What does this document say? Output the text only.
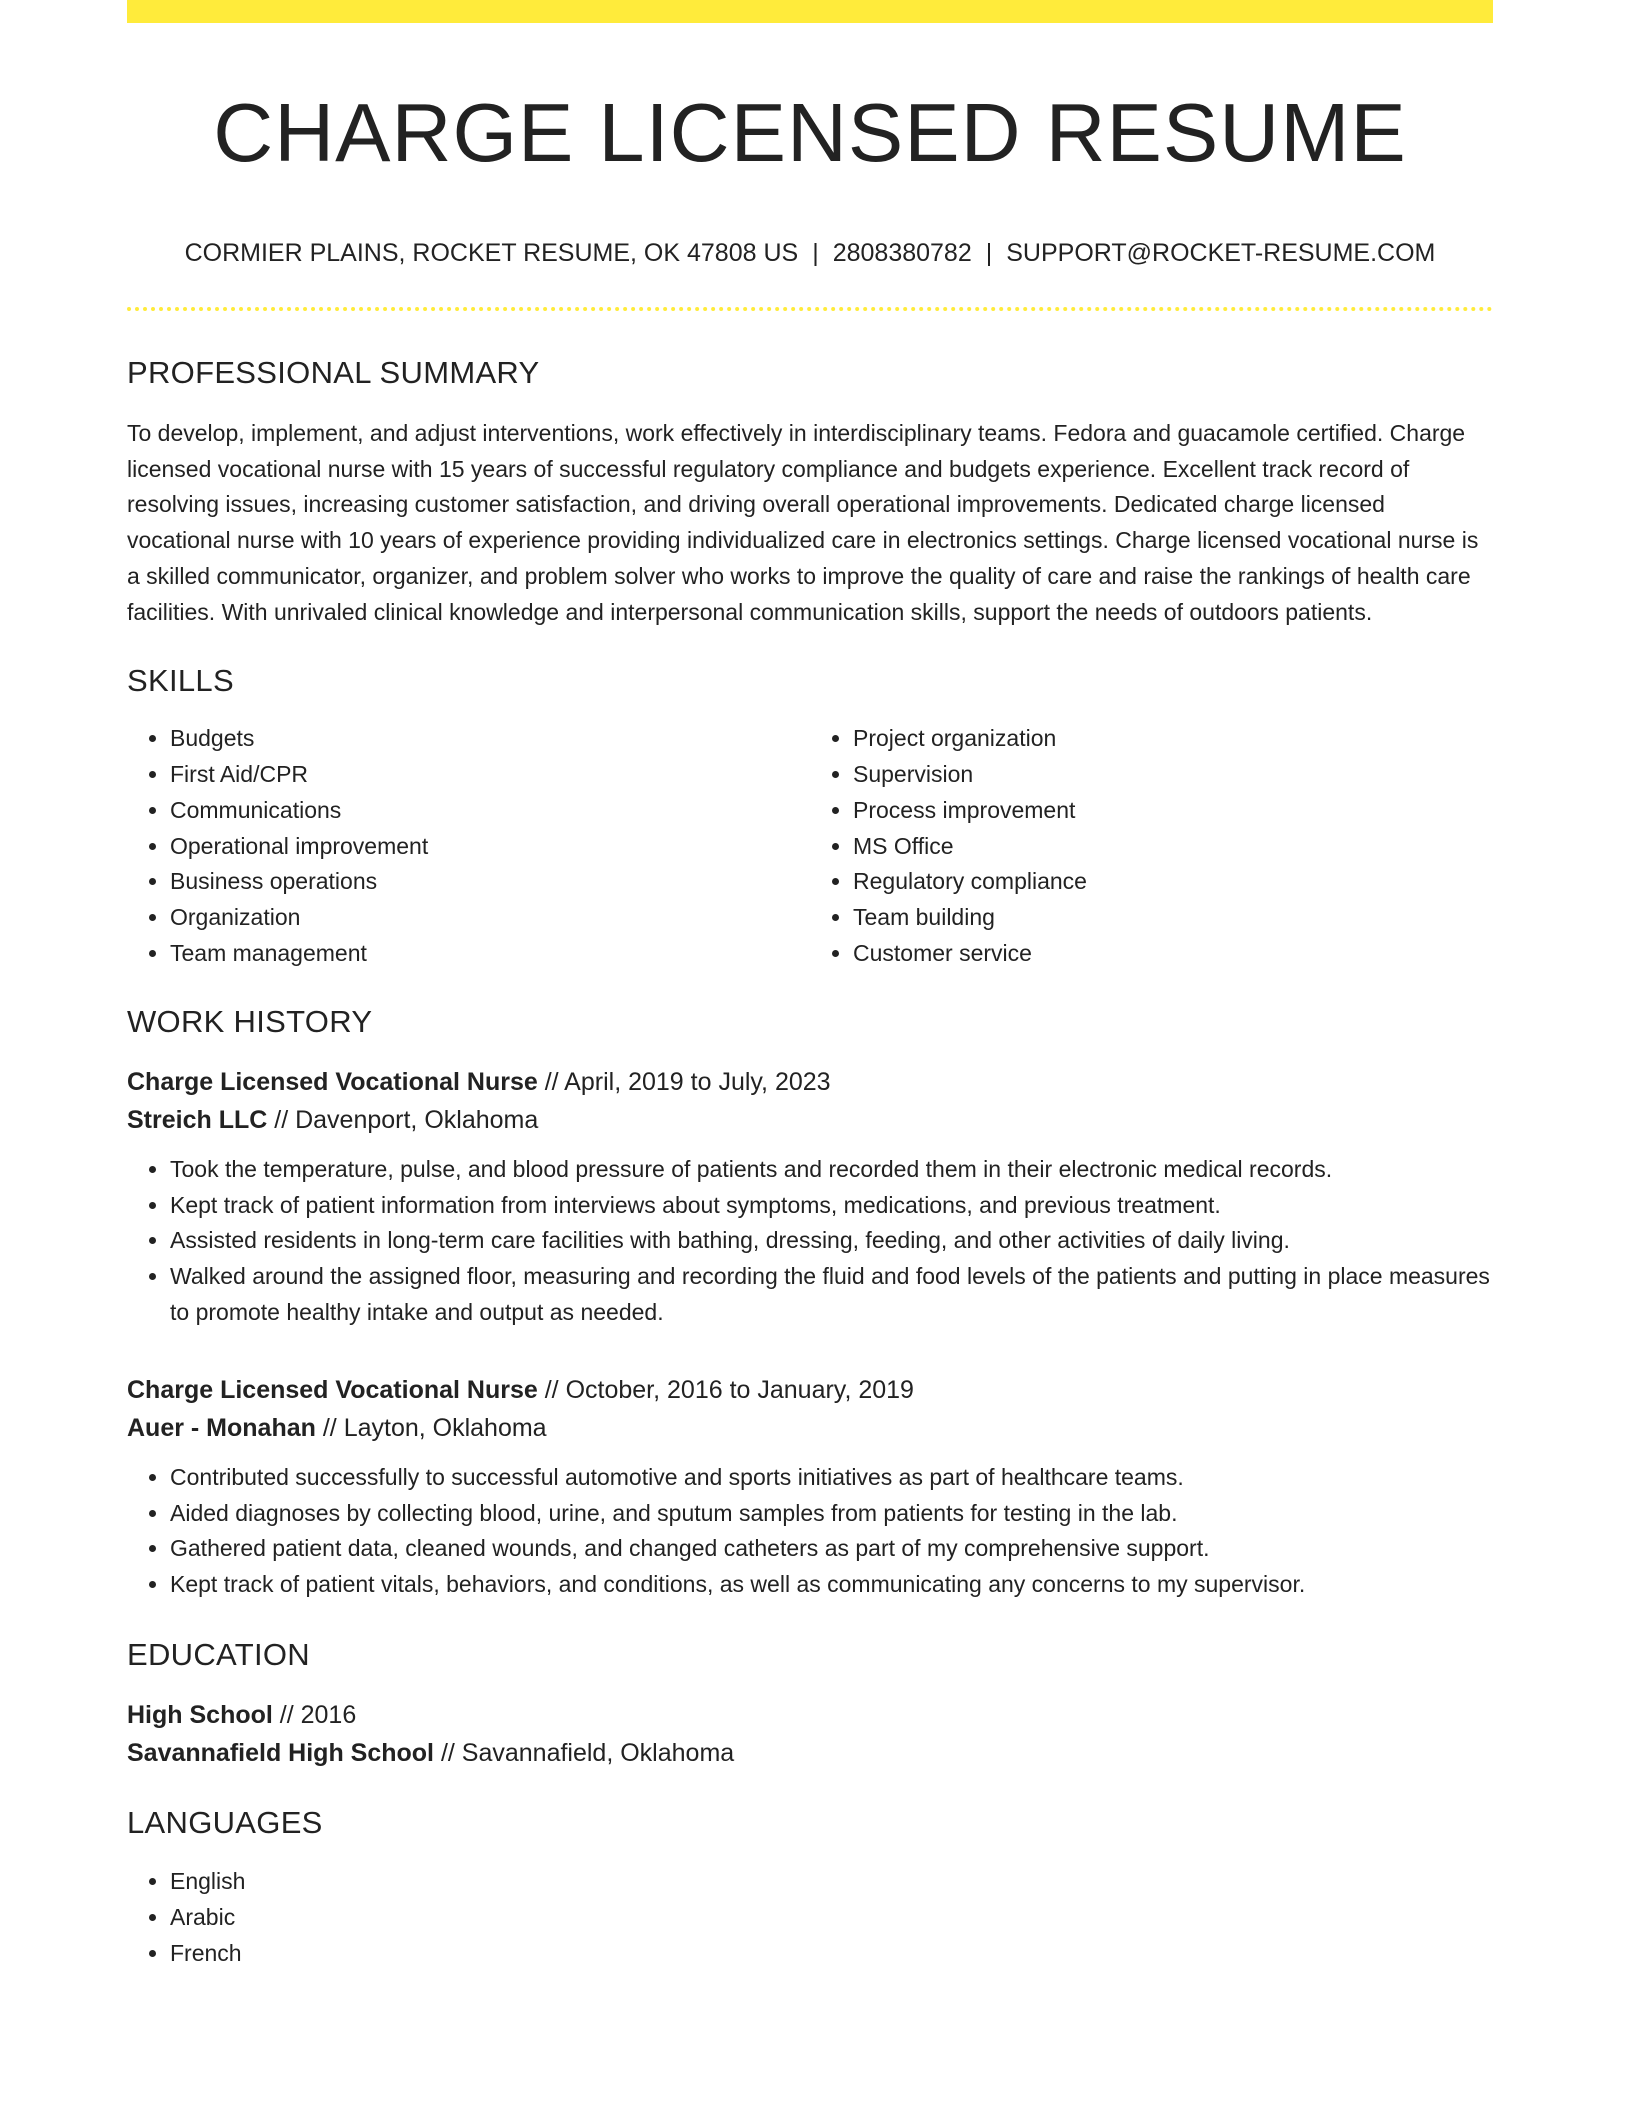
CHARGE LICENSED RESUME
CORMIER PLAINS, ROCKET RESUME, OK 47808 US | 2808380782 | SUPPORT@ROCKET-RESUME.COM
PROFESSIONAL SUMMARY

To develop, implement, and adjust interventions, work effectively in interdisciplinary teams. Fedora and guacamole certified. Charge licensed vocational nurse with 15 years of successful regulatory compliance and budgets experience. Excellent track record of resolving issues, increasing customer satisfaction, and driving overall operational improvements. Dedicated charge licensed vocational nurse with 10 years of experience providing individualized care in electronics settings. Charge licensed vocational nurse is a skilled communicator, organizer, and problem solver who works to improve the quality of care and raise the rankings of health care facilities. With unrivaled clinical knowledge and interpersonal communication skills, support the needs of outdoors patients.

SKILLS
• Budgets
• First Aid/CPR
• Communications
• Operational improvement
• Business operations
• Organization
• Team management
• Project organization
• Supervision
• Process improvement
• MS Office
• Regulatory compliance
• Team building
• Customer service
WORK HISTORY
Charge Licensed Vocational Nurse // April, 2019 to July, 2023
Streich LLC // Davenport, Oklahoma
• Took the temperature, pulse, and blood pressure of patients and recorded them in their electronic medical records.
• Kept track of patient information from interviews about symptoms, medications, and previous treatment.
• Assisted residents in long-term care facilities with bathing, dressing, feeding, and other activities of daily living.
• Walked around the assigned floor, measuring and recording the fluid and food levels of the patients and putting in place measures to promote healthy intake and output as needed.
Charge Licensed Vocational Nurse // October, 2016 to January, 2019
Auer - Monahan // Layton, Oklahoma
• Contributed successfully to successful automotive and sports initiatives as part of healthcare teams.
• Aided diagnoses by collecting blood, urine, and sputum samples from patients for testing in the lab.
• Gathered patient data, cleaned wounds, and changed catheters as part of my comprehensive support.
• Kept track of patient vitals, behaviors, and conditions, as well as communicating any concerns to my supervisor.
EDUCATION
High School // 2016
Savannafield High School // Savannafield, Oklahoma
LANGUAGES
• English
• Arabic
• French
